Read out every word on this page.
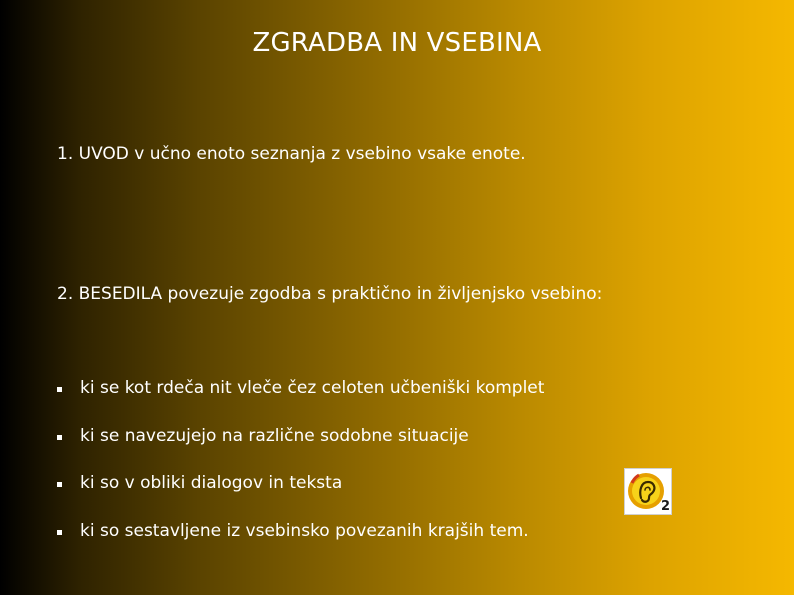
ZGRADBA IN VSEBINA
1. UVOD v učno enoto seznanja z vsebino vsake enote.
2. BESEDILA povezuje zgodba s praktično in življenjsko vsebino:
ki se kot rdeča nit vleče čez celoten učbeniški komplet
ki se navezujejo na različne sodobne situacije
ki so v obliki dialogov in teksta
ki so sestavljene iz vsebinsko povezanih krajših tem.
2
